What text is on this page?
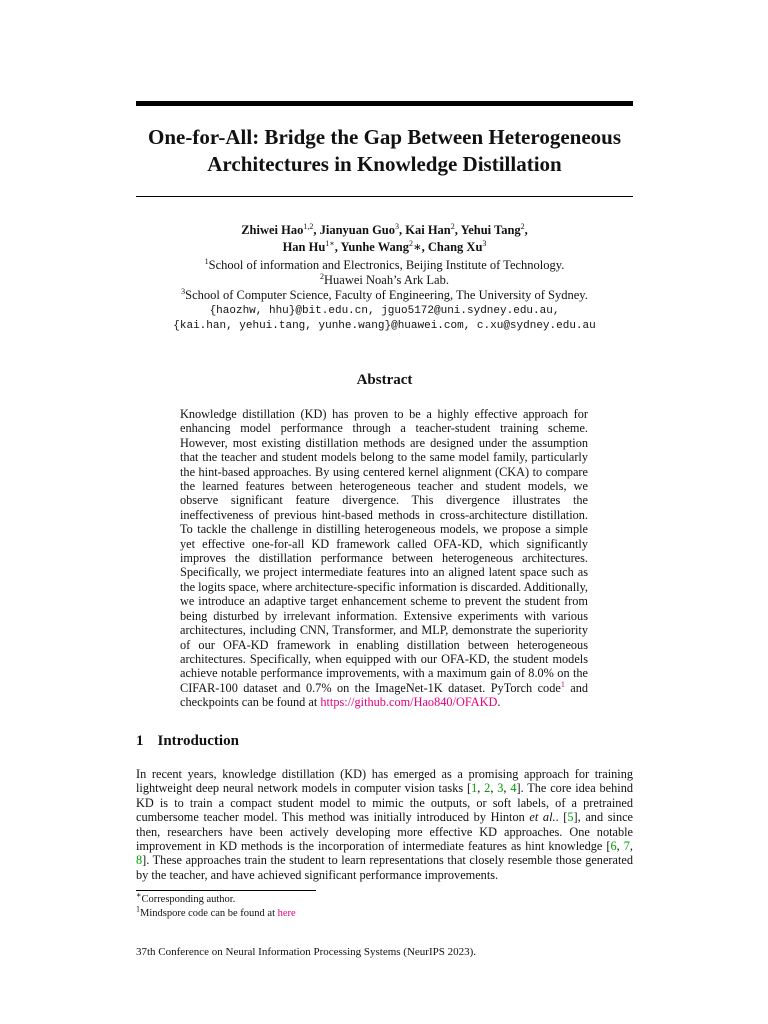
One-for-All: Bridge the Gap Between Heterogeneous
Architectures in Knowledge Distillation
Zhiwei Hao$^{1,2}$, Jianyuan Guo$^3$, Kai Han$^2$, Yehui Tang$^2$,
Han $Hu^{1∗}$, Yunhe Wang$^2$∗, Chang Xu$^3$
$^1$School of information and Electronics, Beijing Institute of Technology.
$^2$Huawei Noah’s Ark Lab.
$^3$School of Computer Science, Faculty of Engineering, The University of Sydney.
{haozhw, hhu}@bit.edu.cn, jguo5172@uni.sydney.edu.au,
{kai.han, yehui.tang, yunhe.wang}@huawei.com, c.xu@sydney.edu.au
Abstract

Knowledge distillation (KD) has proven to be a highly effective approach for enhancing model performance through a teacher-student training scheme. However, most existing distillation methods are designed under the assumption that the teacher and student models belong to the same model family, particularly the hint-based approaches. By using centered kernel alignment (CKA) to compare the learned features between heterogeneous teacher and student models, we observe significant feature divergence. This divergence illustrates the ineffectiveness of previous hint-based methods in cross-architecture distillation. To tackle the challenge in distilling heterogeneous models, we propose a simple yet effective one-for-all KD framework called OFA-KD, which significantly improves the distillation performance between heterogeneous architectures. Specifically, we project intermediate features into an aligned latent space such as the logits space, where architecture-specific information is discarded. Additionally, we introduce an adaptive target enhancement scheme to prevent the student from being disturbed by irrelevant information. Extensive experiments with various architectures, including CNN, Transformer, and MLP, demonstrate the superiority of our OFA-KD framework in enabling distillation between heterogeneous architectures. Specifically, when equipped with our OFA-KD, the student models achieve notable performance improvements, with a maximum gain of 8.0% on the CIFAR-100 dataset and 0.7% on the ImageNet-1K dataset. PyTorch code$^1$ and checkpoints can be found at https://github.com/Hao840/OFAKD.

1 Introduction

In recent years, knowledge distillation (KD) has emerged as a promising approach for training lightweight deep neural network models in computer vision tasks [1, 2, 3, 4]. The core idea behind KD is to train a compact student model to mimic the outputs, or soft labels, of a pretrained cumbersome teacher model. This method was initially introduced by Hinton et al.. [5], and since then, researchers have been actively developing more effective KD approaches. One notable improvement in KD methods is the incorporation of intermediate features as hint knowledge [6, 7, 8]. These approaches train the student to learn representations that closely resemble those generated by the teacher, and have achieved significant performance improvements.

∗Corresponding author.
$^1$Mindspore code can be found at here
37th Conference on Neural Information Processing Systems (NeurIPS 2023).
